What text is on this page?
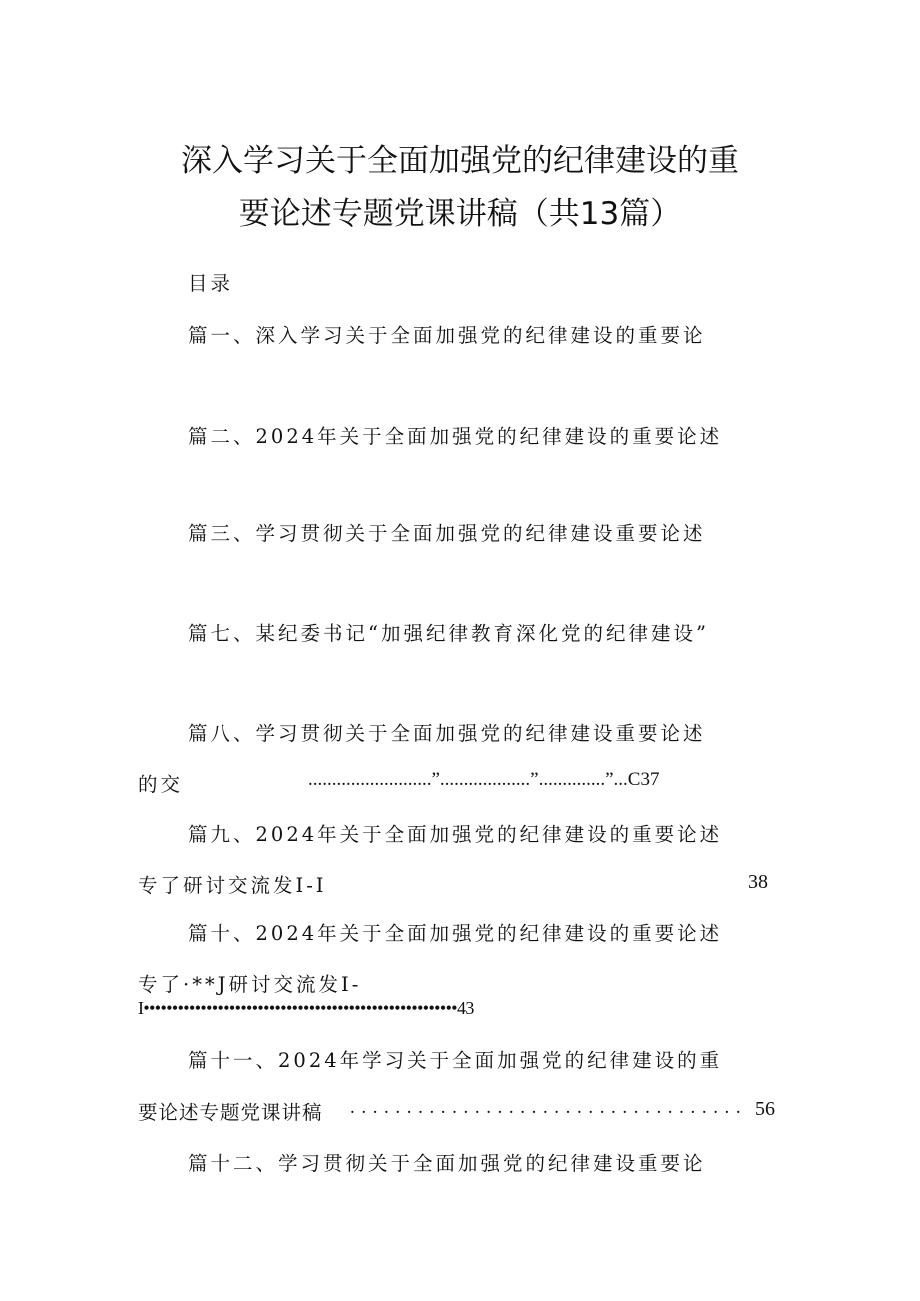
深入学习关于全面加强党的纪律建设的重
要论述专题党课讲稿（共13篇）
目录
篇一、深入学习关于全面加强党的纪律建设的重要论
篇二、2024年关于全面加强党的纪律建设的重要论述
篇三、学习贯彻关于全面加强党的纪律建设重要论述
篇七、某纪委书记“加强纪律教育深化党的纪律建设”
篇八、学习贯彻关于全面加强党的纪律建设重要论述
的交	..........................”...................”..............”...C37
篇九、2024年关于全面加强党的纪律建设的重要论述
专了研讨交流发I-I	38
篇十、2024年关于全面加强党的纪律建设的重要论述
专了·**J研讨交流发I-
I•••••••••••••••••••••••••••••••••••••••••••••••••••••••43
篇十一、2024年学习关于全面加强党的纪律建设的重
要论述专题党课讲稿 ................................... 56
篇十二、学习贯彻关于全面加强党的纪律建设重要论
